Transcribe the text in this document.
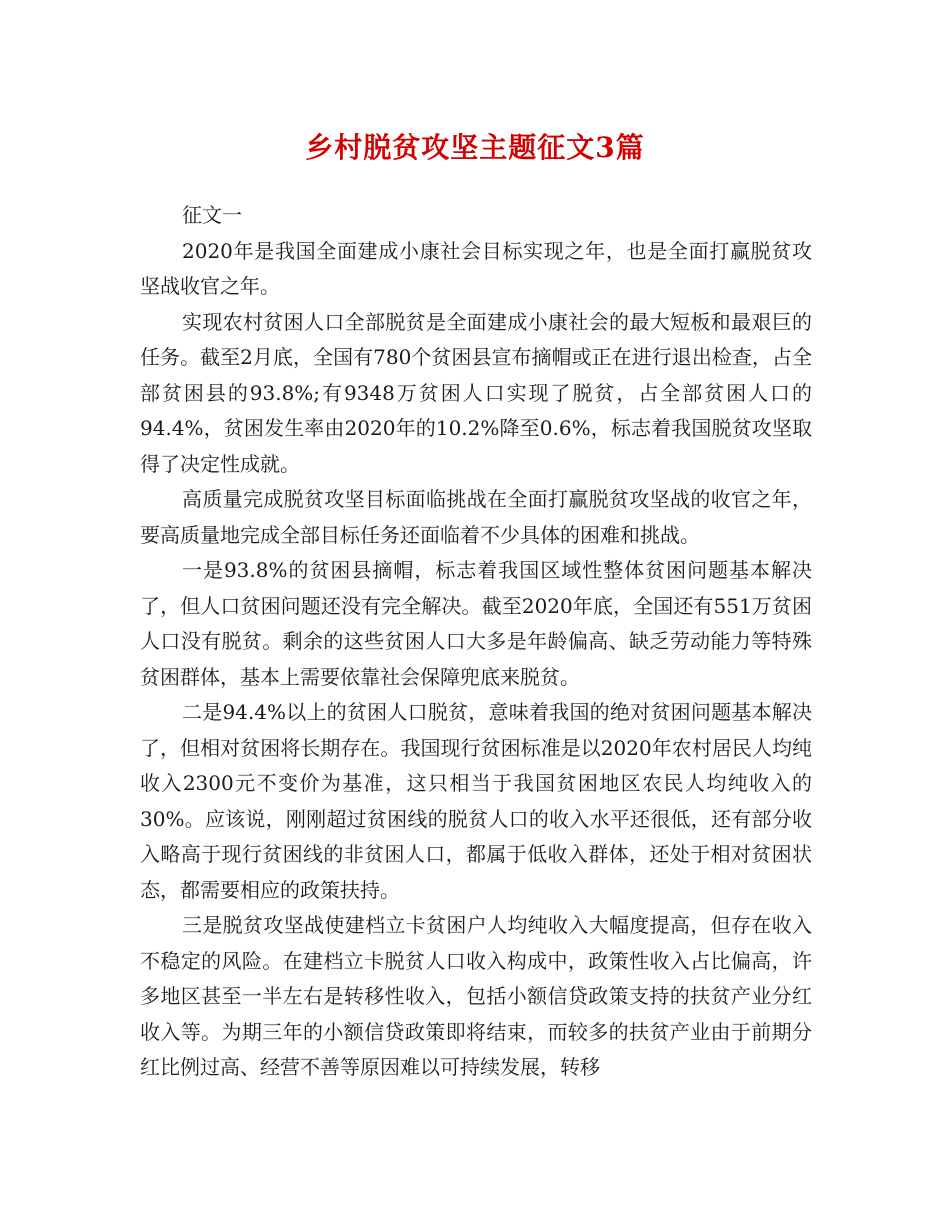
乡村脱贫攻坚主题征文3篇

征文一

2020年是我国全面建成小康社会目标实现之年，也是全面打赢脱贫攻坚战收官之年。

实现农村贫困人口全部脱贫是全面建成小康社会的最大短板和最艰巨的任务。截至2月底，全国有780个贫困县宣布摘帽或正在进行退出检查，占全部贫困县的93.8%;有9348万贫困人口实现了脱贫，占全部贫困人口的94.4%，贫困发生率由2020年的10.2%降至0.6%，标志着我国脱贫攻坚取得了决定性成就。

高质量完成脱贫攻坚目标面临挑战在全面打赢脱贫攻坚战的收官之年，要高质量地完成全部目标任务还面临着不少具体的困难和挑战。

一是93.8%的贫困县摘帽，标志着我国区域性整体贫困问题基本解决了，但人口贫困问题还没有完全解决。截至2020年底，全国还有551万贫困人口没有脱贫。剩余的这些贫困人口大多是年龄偏高、缺乏劳动能力等特殊贫困群体，基本上需要依靠社会保障兜底来脱贫。

二是94.4%以上的贫困人口脱贫，意味着我国的绝对贫困问题基本解决了，但相对贫困将长期存在。我国现行贫困标准是以2020年农村居民人均纯收入2300元不变价为基准，这只相当于我国贫困地区农民人均纯收入的30%。应该说，刚刚超过贫困线的脱贫人口的收入水平还很低，还有部分收入略高于现行贫困线的非贫困人口，都属于低收入群体，还处于相对贫困状态，都需要相应的政策扶持。

三是脱贫攻坚战使建档立卡贫困户人均纯收入大幅度提高，但存在收入不稳定的风险。在建档立卡脱贫人口收入构成中，政策性收入占比偏高，许多地区甚至一半左右是转移性收入，包括小额信贷政策支持的扶贫产业分红收入等。为期三年的小额信贷政策即将结束，而较多的扶贫产业由于前期分红比例过高、经营不善等原因难以可持续发展，转移
